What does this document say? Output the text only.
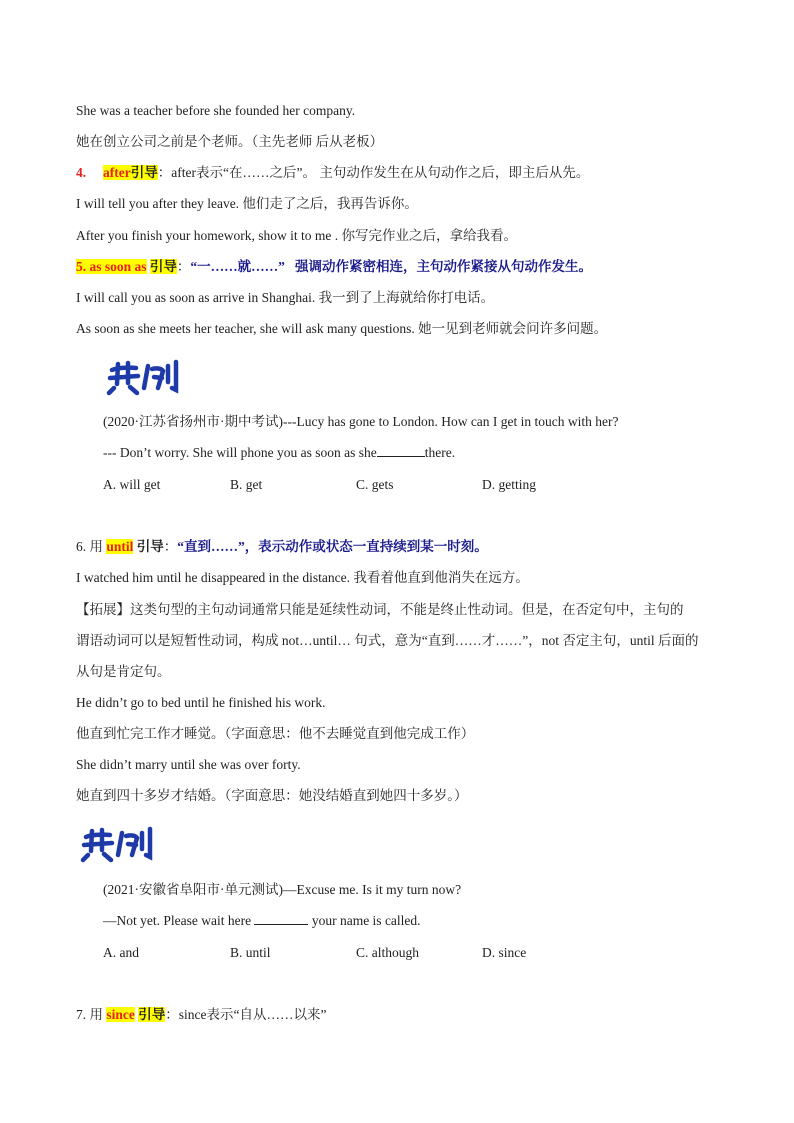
She was a teacher before she founded her company.
她在创立公司之前是个老师。（主先老师 后从老板）
4. after引导：after表示“在……之后”。 主句动作发生在从句动作之后，即主后从先。
I will tell you after they leave. 他们走了之后，我再告诉你。
After you finish your homework, show it to me . 你写完作业之后，拿给我看。
5. as soon as 引导：“一……就……” 强调动作紧密相连，主句动作紧接从句动作发生。
I will call you as soon as arrive in Shanghai. 我一到了上海就给你打电话。
As soon as she meets her teacher, she will ask many questions. 她一见到老师就会问许多问题。
典例
(2020·江苏省扬州市·期中考试)---Lucy has gone to London. How can I get in touch with her?
--- Don’t worry. She will phone you as soon as she	there.
A. will get	B. get	C. gets	D. getting
6. 用 until 引导：“直到……”，表示动作或状态一直持续到某一时刻。
I watched him until he disappeared in the distance. 我看着他直到他消失在远方。
【拓展】这类句型的主句动词通常只能是延续性动词，不能是终止性动词。但是，在否定句中，主句的
谓语动词可以是短暂性动词，构成 not…until… 句式，意为“直到……才……”，not 否定主句，until 后面的
从句是肯定句。
He didn’t go to bed until he finished his work.
他直到忙完工作才睡觉。（字面意思：他不去睡觉直到他完成工作）
She didn’t marry until she was over forty.
她直到四十多岁才结婚。（字面意思：她没结婚直到她四十多岁。）
典例
(2021·安徽省阜阳市·单元测试)—Excuse me. Is it my turn now?
—Not yet. Please wait here	your name is called.
A. and	B. until	C. although	D. since
7. 用 since 引导：since表示“自从……以来”
